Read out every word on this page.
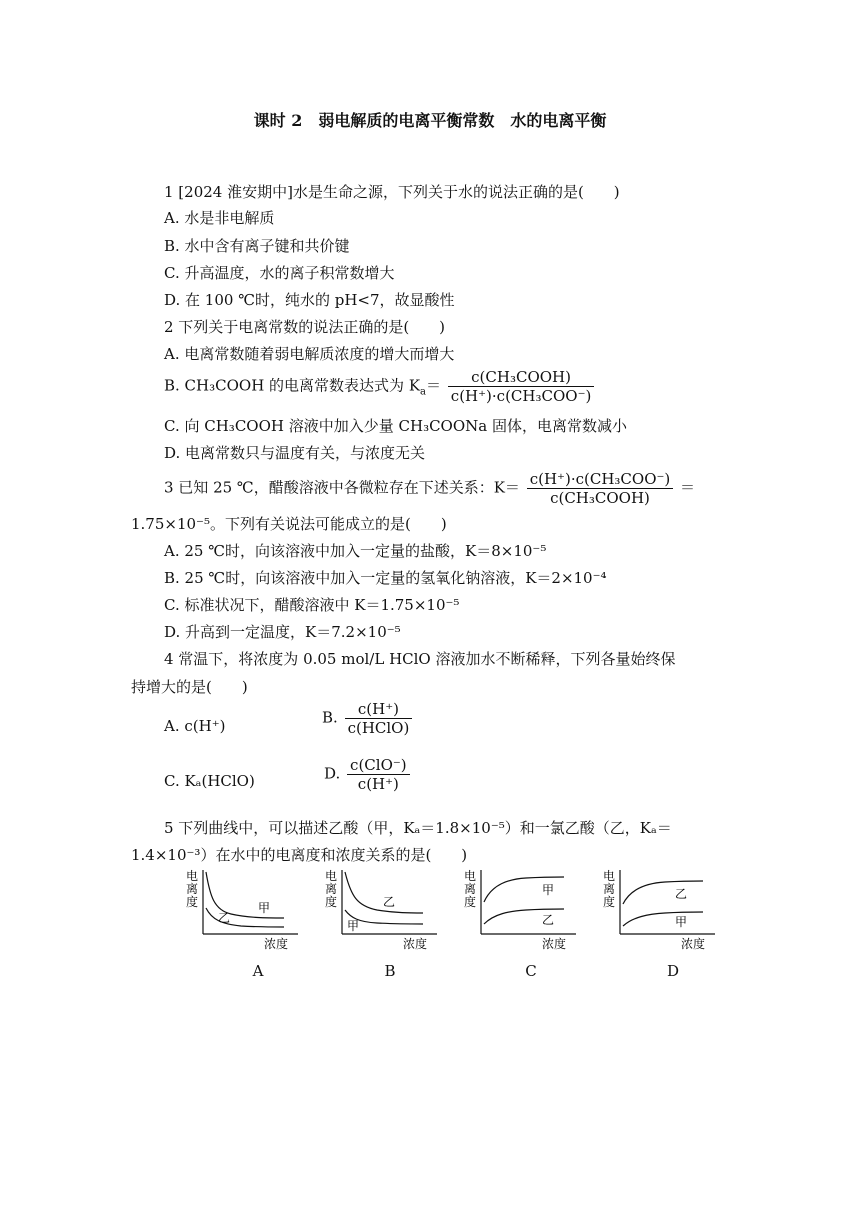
课时 2　弱电解质的电离平衡常数　水的电离平衡
1 [2024 淮安期中]水是生命之源，下列关于水的说法正确的是(　　)
A. 水是非电解质
B. 水中含有离子键和共价键
C. 升高温度，水的离子积常数增大
D. 在 100 ℃时，纯水的 pH<7，故显酸性
2 下列关于电离常数的说法正确的是(　　)
A. 电离常数随着弱电解质浓度的增大而增大
B. CH₃COOH 的电离常数表达式为 $K_a= \frac{\text{c(CH₃COOH)}}{\text{c(H⁺)·c(CH₃COO⁻)}}$
C. 向 CH₃COOH 溶液中加入少量 CH₃COONa 固体，电离常数减小
D. 电离常数只与温度有关，与浓度无关
3 已知 25 ℃，醋酸溶液中各微粒存在下述关系：$K= \frac{\text{c(H⁺)·c(CH₃COO⁻)}}{\text{c(CH₃COOH)}}$ ＝
1.75×10⁻⁵。下列有关说法可能成立的是(　　)
A. 25 ℃时，向该溶液中加入一定量的盐酸，K＝8×10⁻⁵
B. 25 ℃时，向该溶液中加入一定量的氢氧化钠溶液，K＝2×10⁻⁴
C. 标准状况下，醋酸溶液中 K＝1.75×10⁻⁵
D. 升高到一定温度，K＝7.2×10⁻⁵
4 常温下，将浓度为 0.05 mol/L HClO 溶液加水不断稀释，下列各量始终保
持增大的是(　　)
A. c(H⁺)	B. $\frac{c(H^+)}{\text{c(HClO)}}$
C. Kₐ(HClO)	D. $\frac{\text{c(ClO⁻)}}{c(H^+)}$
5 下列曲线中，可以描述乙酸（甲，Kₐ＝1.8×10⁻⁵）和一氯乙酸（乙，Kₐ＝
1.4×10⁻³）在水中的电离度和浓度关系的是(　　)
电
离
度	甲
乙
浓度
电
离
度	乙
甲
浓度
电
离
度
甲
乙
浓度
电
离
度
乙
甲
浓度
A	B	C	D
